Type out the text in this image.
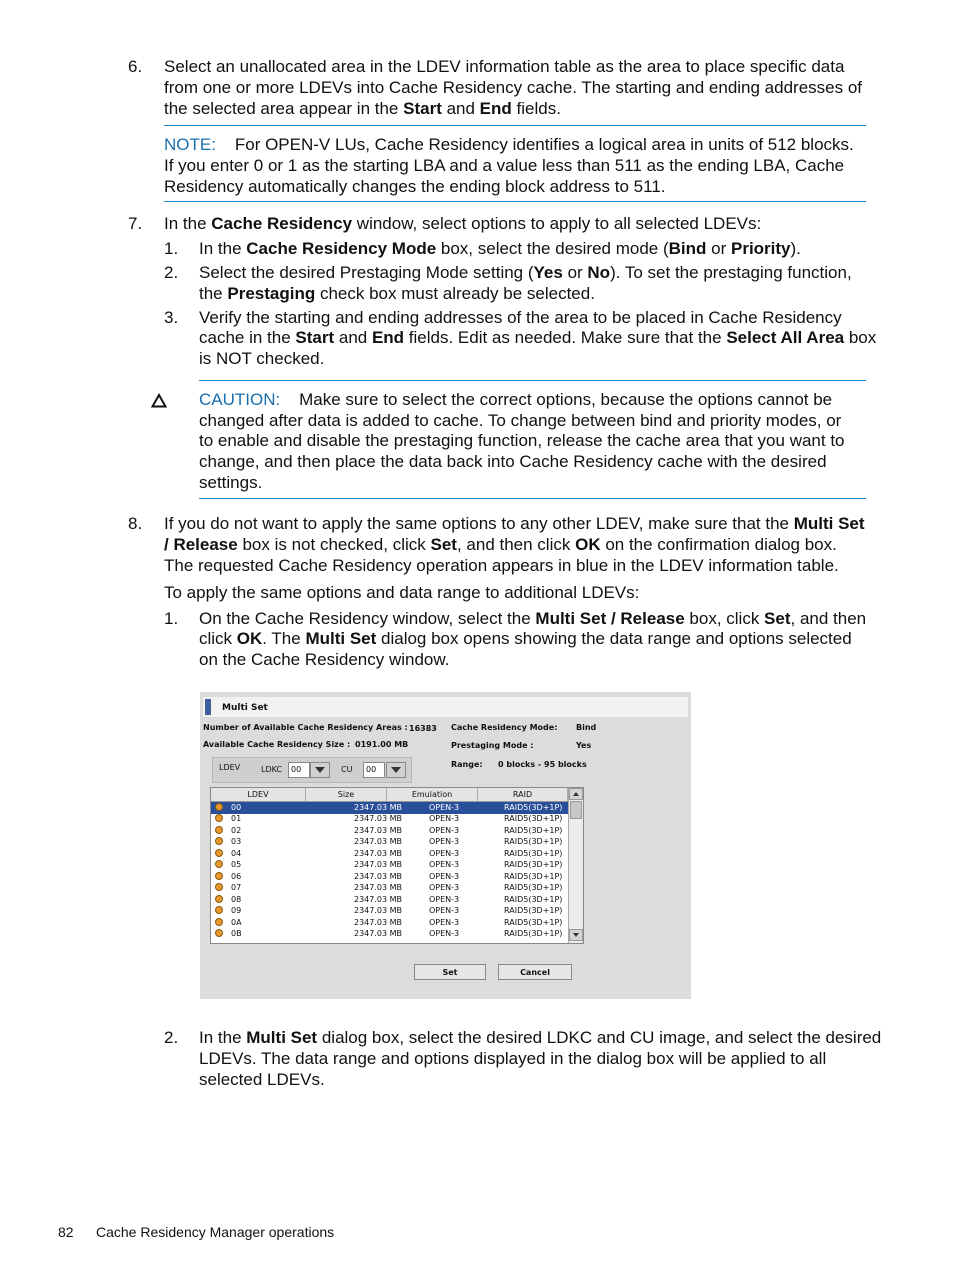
6. Select an unallocated area in the LDEV information table as the area to place specific data
from one or more LDEVs into Cache Residency cache. The starting and ending addresses of
the selected area appear in the Start and End fields.
NOTE: For OPEN-V LUs, Cache Residency identifies a logical area in units of 512 blocks.
If you enter 0 or 1 as the starting LBA and a value less than 511 as the ending LBA, Cache
Residency automatically changes the ending block address to 511.
7. In the Cache Residency window, select options to apply to all selected LDEVs:
1. In the Cache Residency Mode box, select the desired mode (Bind or Priority).
2. Select the desired Prestaging Mode setting (Yes or No). To set the prestaging function,
the Prestaging check box must already be selected.
3. Verify the starting and ending addresses of the area to be placed in Cache Residency
cache in the Start and End fields. Edit as needed. Make sure that the Select All Area box
is NOT checked.
CAUTION: Make sure to select the correct options, because the options cannot be
changed after data is added to cache. To change between bind and priority modes, or
to enable and disable the prestaging function, release the cache area that you want to
change, and then place the data back into Cache Residency cache with the desired
settings.
8. If you do not want to apply the same options to any other LDEV, make sure that the Multi Set
/ Release box is not checked, click Set, and then click OK on the confirmation dialog box.
The requested Cache Residency operation appears in blue in the LDEV information table.
To apply the same options and data range to additional LDEVs:
1. On the Cache Residency window, select the Multi Set / Release box, click Set, and then
click OK. The Multi Set dialog box opens showing the data range and options selected
on the Cache Residency window.
Multi Set
Number of Available Cache Residency Areas : 16383
Available Cache Residency Size : 0191.00 MB
Cache Residency Mode: Bind
Prestaging Mode :	Yes
Range: 0 blocks - 95 blocks
LDEV	LDKC 00	CU 00
LDEV	Size	Emulation	RAID
00	2347.03 MB	OPEN-3	RAID5(3D+1P)
01	2347.03 MB	OPEN-3	RAID5(3D+1P)
02	2347.03 MB	OPEN-3	RAID5(3D+1P)
03	2347.03 MB	OPEN-3	RAID5(3D+1P)
04	2347.03 MB	OPEN-3	RAID5(3D+1P)
05	2347.03 MB	OPEN-3	RAID5(3D+1P)
06	2347.03 MB	OPEN-3	RAID5(3D+1P)
07	2347.03 MB	OPEN-3	RAID5(3D+1P)
08	2347.03 MB	OPEN-3	RAID5(3D+1P)
09	2347.03 MB	OPEN-3	RAID5(3D+1P)
0A	2347.03 MB	OPEN-3	RAID5(3D+1P)
0B	2347.03 MB	OPEN-3	RAID5(3D+1P)
Set	Cancel
2. In the Multi Set dialog box, select the desired LDKC and CU image, and select the desired
LDEVs. The data range and options displayed in the dialog box will be applied to all
selected LDEVs.
82 Cache Residency Manager operations
